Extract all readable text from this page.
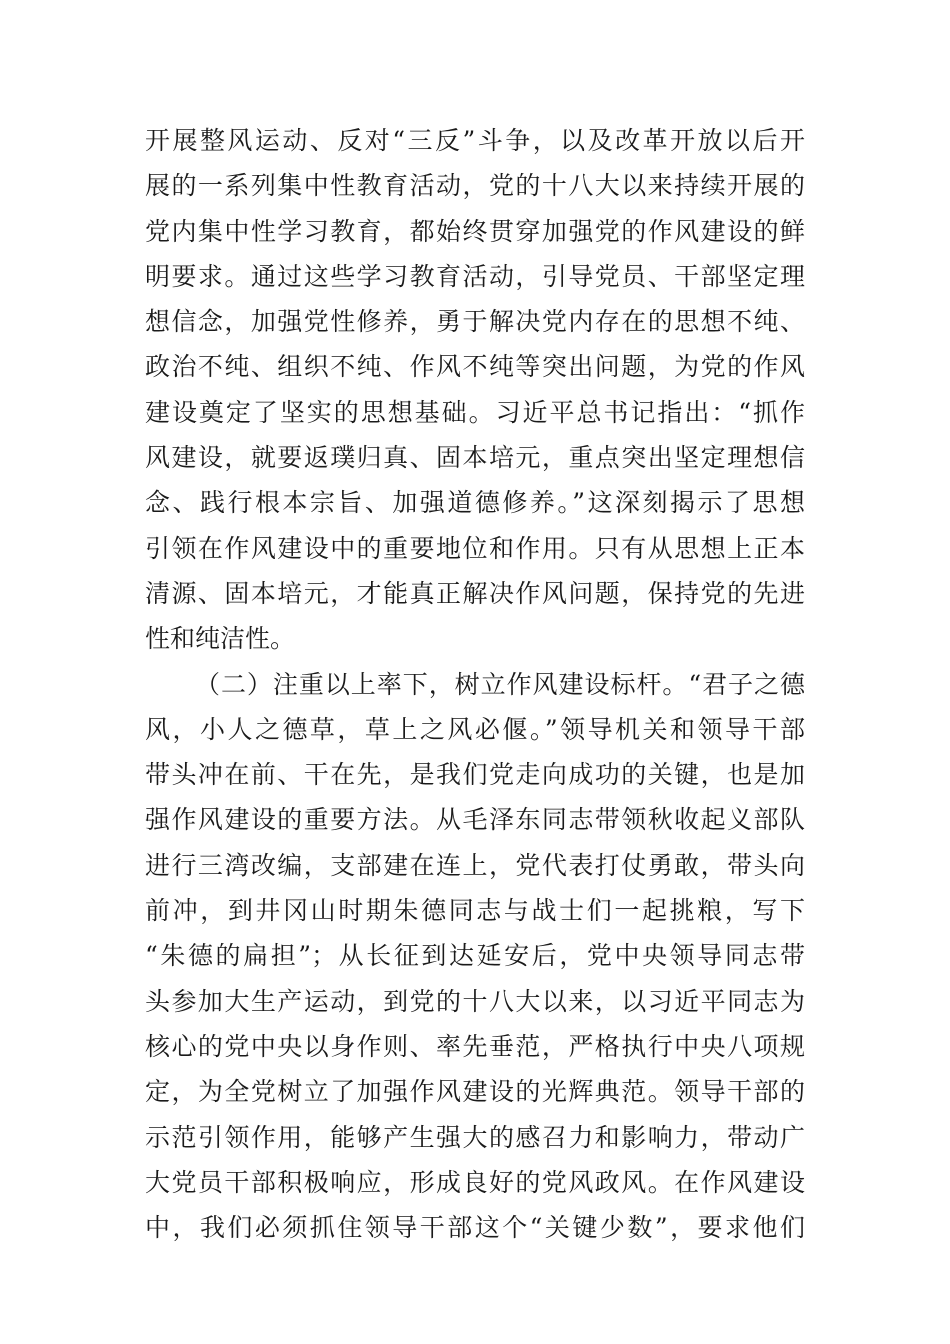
开展整风运动、反对“三反”斗争，以及改革开放以后开
展的一系列集中性教育活动，党的十八大以来持续开展的
党内集中性学习教育，都始终贯穿加强党的作风建设的鲜
明要求。通过这些学习教育活动，引导党员、干部坚定理
想信念，加强党性修养，勇于解决党内存在的思想不纯、
政治不纯、组织不纯、作风不纯等突出问题，为党的作风
建设奠定了坚实的思想基础。习近平总书记指出：“抓作
风建设，就要返璞归真、固本培元，重点突出坚定理想信
念、践行根本宗旨、加强道德修养。”这深刻揭示了思想
引领在作风建设中的重要地位和作用。只有从思想上正本
清源、固本培元，才能真正解决作风问题，保持党的先进
性和纯洁性。
（二）注重以上率下，树立作风建设标杆。“君子之德
风，小人之德草，草上之风必偃。”领导机关和领导干部
带头冲在前、干在先，是我们党走向成功的关键，也是加
强作风建设的重要方法。从毛泽东同志带领秋收起义部队
进行三湾改编，支部建在连上，党代表打仗勇敢，带头向
前冲，到井冈山时期朱德同志与战士们一起挑粮，写下
“朱德的扁担”；从长征到达延安后，党中央领导同志带
头参加大生产运动，到党的十八大以来，以习近平同志为
核心的党中央以身作则、率先垂范，严格执行中央八项规
定，为全党树立了加强作风建设的光辉典范。领导干部的
示范引领作用，能够产生强大的感召力和影响力，带动广
大党员干部积极响应，形成良好的党风政风。在作风建设
中，我们必须抓住领导干部这个“关键少数”，要求他们
